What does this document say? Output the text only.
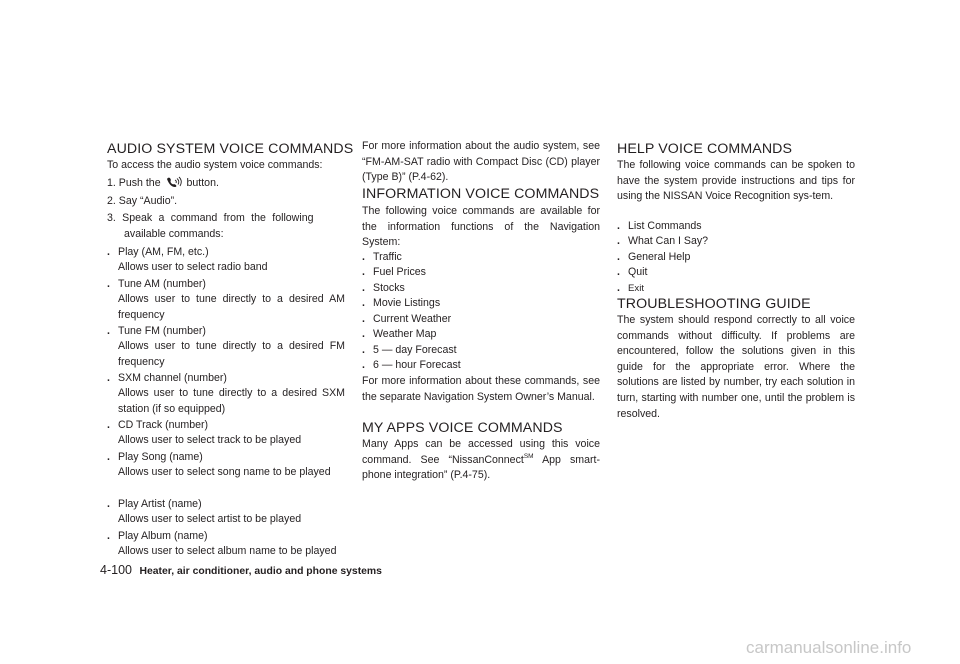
AUDIO SYSTEM VOICE COMMANDS
To access the audio system voice commands:
1. Push the button.
2. Say “Audio”.
3. Speak a command from the following
available commands:
. Play (AM, FM, etc.)
Allows user to select radio band
. Tune AM (number)
Allows user to tune directly to a desired AM frequency
. Tune FM (number)
Allows user to tune directly to a desired FM frequency
. SXM channel (number)
Allows user to tune directly to a desired SXM station (if so equipped)
. CD Track (number)
Allows user to select track to be played
. Play Song (name)
Allows user to select song name to be played
. Play Artist (name)
Allows user to select artist to be played
. Play Album (name)
Allows user to select album name to be played

For more information about the audio system, see “FM-AM-SAT radio with Compact Disc (CD) player (Type B)” (P.4-62).

INFORMATION VOICE COMMANDS

The following voice commands are available for the information functions of the Navigation System:

. Traffic
. Fuel Prices
. Stocks
. Movie Listings
. Current Weather
. Weather Map
. 5 — day Forecast
. 6 — hour Forecast

For more information about these commands, see the separate Navigation System Owner’s Manual.

MY APPS VOICE COMMANDS

Many Apps can be accessed using this voice command. See “NissanConnect℠ App smart-phone integration” (P.4-75).

HELP VOICE COMMANDS

The following voice commands can be spoken to have the system provide instructions and tips for using the NISSAN Voice Recognition sys-tem.

. List Commands
. What Can I Say?
. General Help
. Quit
. Exit
TROUBLESHOOTING GUIDE

The system should respond correctly to all voice commands without difficulty. If problems are encountered, follow the solutions given in this guide for the appropriate error. Where the solutions are listed by number, try each solution in turn, starting with number one, until the problem is resolved.

4-100 Heater, air conditioner, audio and phone systems
carmanualsonline.info
